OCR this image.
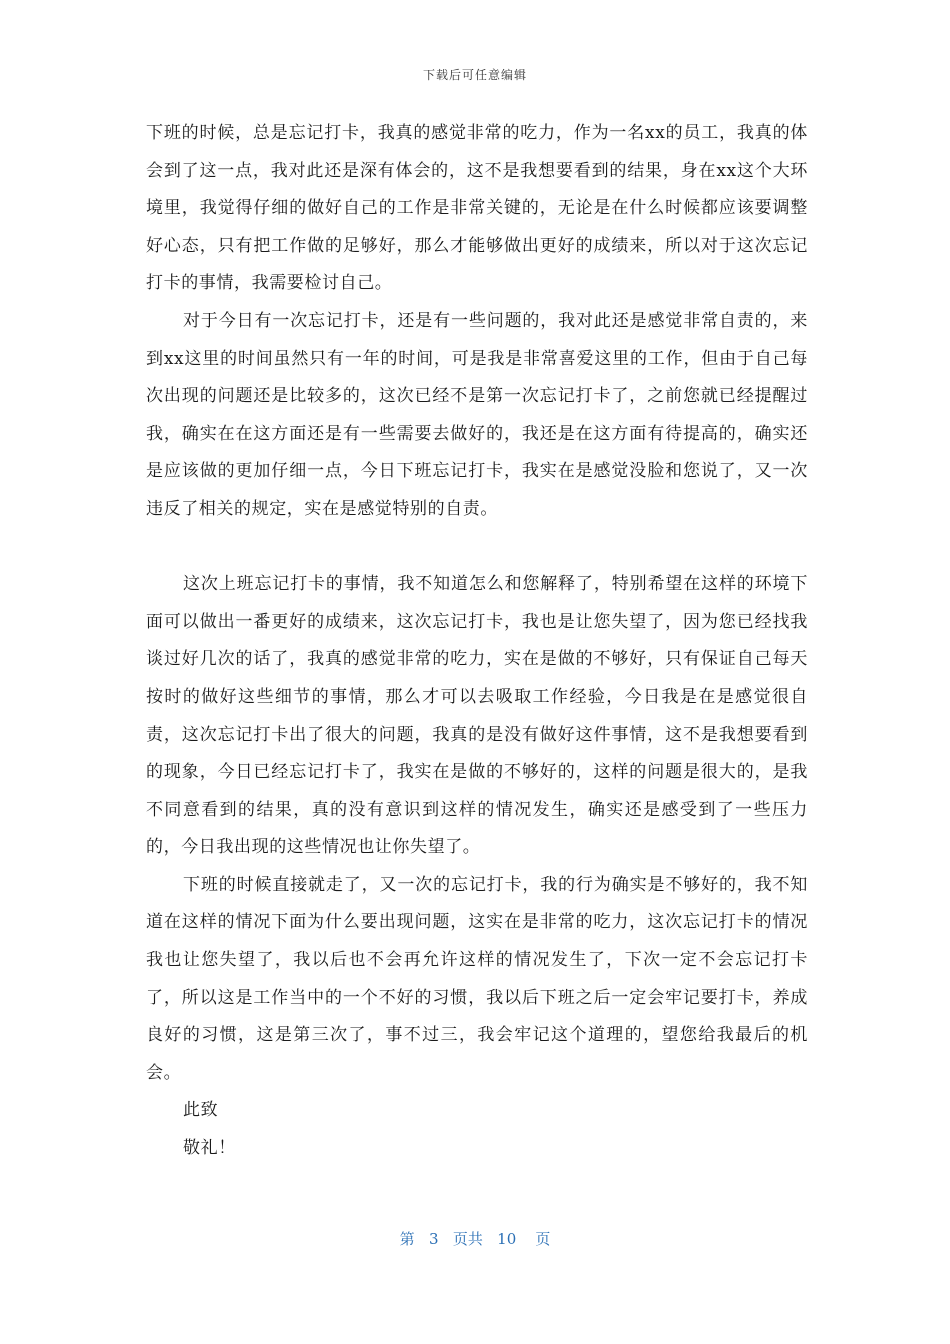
下载后可任意编辑

下班的时候，总是忘记打卡，我真的感觉非常的吃力，作为一名xx的员工，我真的体会到了这一点，我对此还是深有体会的，这不是我想要看到的结果，身在xx这个大环境里，我觉得仔细的做好自己的工作是非常关键的，无论是在什么时候都应该要调整好心态，只有把工作做的足够好，那么才能够做出更好的成绩来，所以对于这次忘记打卡的事情，我需要检讨自己。

对于今日有一次忘记打卡，还是有一些问题的，我对此还是感觉非常自责的，来到xx这里的时间虽然只有一年的时间，可是我是非常喜爱这里的工作，但由于自己每次出现的问题还是比较多的，这次已经不是第一次忘记打卡了，之前您就已经提醒过我，确实在在这方面还是有一些需要去做好的，我还是在这方面有待提高的，确实还是应该做的更加仔细一点，今日下班忘记打卡，我实在是感觉没脸和您说了，又一次违反了相关的规定，实在是感觉特别的自责。

这次上班忘记打卡的事情，我不知道怎么和您解释了，特别希望在这样的环境下面可以做出一番更好的成绩来，这次忘记打卡，我也是让您失望了，因为您已经找我谈过好几次的话了，我真的感觉非常的吃力，实在是做的不够好，只有保证自己每天按时的做好这些细节的事情，那么才可以去吸取工作经验，今日我是在是感觉很自责，这次忘记打卡出了很大的问题，我真的是没有做好这件事情，这不是我想要看到的现象，今日已经忘记打卡了，我实在是做的不够好的，这样的问题是很大的，是我不同意看到的结果，真的没有意识到这样的情况发生，确实还是感受到了一些压力的，今日我出现的这些情况也让你失望了。

下班的时候直接就走了，又一次的忘记打卡，我的行为确实是不够好的，我不知道在这样的情况下面为什么要出现问题，这实在是非常的吃力，这次忘记打卡的情况我也让您失望了，我以后也不会再允许这样的情况发生了，下次一定不会忘记打卡了，所以这是工作当中的一个不好的习惯，我以后下班之后一定会牢记要打卡，养成良好的习惯，这是第三次了，事不过三，我会牢记这个道理的，望您给我最后的机会。

此致

敬礼！

第 3 页共 10 页
